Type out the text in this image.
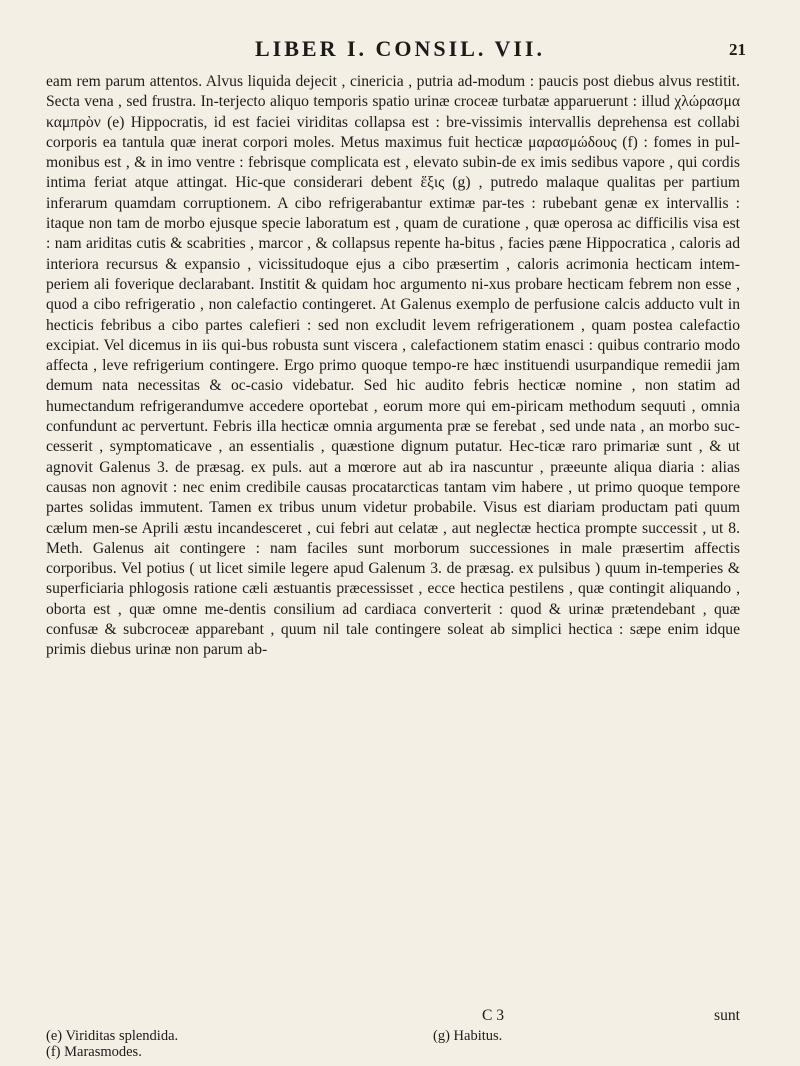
LIBER I. CONSIL. VII.	21

eam rem parum attentos. Alvus liquida dejecit , cinericia , putria ad-modum : paucis post diebus alvus restitit. Secta vena , sed frustra. In-terjecto aliquo temporis spatio urinæ croceæ turbatæ apparuerunt : illud χλώρασμα καμπρὸν (e) Hippocratis, id est faciei viriditas collapsa est : bre-vissimis intervallis deprehensa est collabi corporis ea tantula quæ inerat corpori moles. Metus maximus fuit hecticæ μαρασμώδους (f) : fomes in pul-monibus est , & in imo ventre : febrisque complicata est , elevato subin-de ex imis sedibus vapore , qui cordis intima feriat atque attingat. Hic-que considerari debent ἕξις (g) , putredo malaque qualitas per partium inferarum quamdam corruptionem. A cibo refrigerabantur extimæ par-tes : rubebant genæ ex intervallis : itaque non tam de morbo ejusque specie laboratum est , quam de curatione , quæ operosa ac difficilis visa est : nam ariditas cutis & scabrities , marcor , & collapsus repente ha-bitus , facies pæne Hippocratica , caloris ad interiora recursus & expansio , vicissitudoque ejus a cibo præsertim , caloris acrimonia hecticam intem-periem ali foverique declarabant. Institit & quidam hoc argumento ni-xus probare hecticam febrem non esse , quod a cibo refrigeratio , non calefactio contingeret. At Galenus exemplo de perfusione calcis adducto vult in hecticis febribus a cibo partes calefieri : sed non excludit levem refrigerationem , quam postea calefactio excipiat. Vel dicemus in iis qui-bus robusta sunt viscera , calefactionem statim enasci : quibus contrario modo affecta , leve refrigerium contingere. Ergo primo quoque tempo-re hæc instituendi usurpandique remedii jam demum nata necessitas & oc-casio videbatur. Sed hic audito febris hecticæ nomine , non statim ad humectandum refrigerandumve accedere oportebat , eorum more qui em-piricam methodum sequuti , omnia confundunt ac pervertunt. Febris illa hecticæ omnia argumenta præ se ferebat , sed unde nata , an morbo suc-cesserit , symptomaticave , an essentialis , quæstione dignum putatur. Hec-ticæ raro primariæ sunt , & ut agnovit Galenus 3. de præsag. ex puls. aut a mœrore aut ab ira nascuntur , præeunte aliqua diaria : alias causas non agnovit : nec enim credibile causas procatarcticas tantam vim habere , ut primo quoque tempore partes solidas immutent. Tamen ex tribus unum videtur probabile. Visus est diariam productam pati quum cælum men-se Aprili æstu incandesceret , cui febri aut celatæ , aut neglectæ hectica prompte successit , ut 8. Meth. Galenus ait contingere : nam faciles sunt morborum successiones in male præsertim affectis corporibus. Vel potius ( ut licet simile legere apud Galenum 3. de præsag. ex pulsibus ) quum in-temperies & superficiaria phlogosis ratione cæli æstuantis præcessisset , ecce hectica pestilens , quæ contingit aliquando , oborta est , quæ omne me-dentis consilium ad cardiaca converterit : quod & urinæ prætendebant , quæ confusæ & subcroceæ apparebant , quum nil tale contingere soleat ab simplici hectica : sæpe enim idque primis diebus urinæ non parum ab-

C 3	sunt
(e) Viriditas splendida.
(f) Marasmodes.
(g) Habitus.
